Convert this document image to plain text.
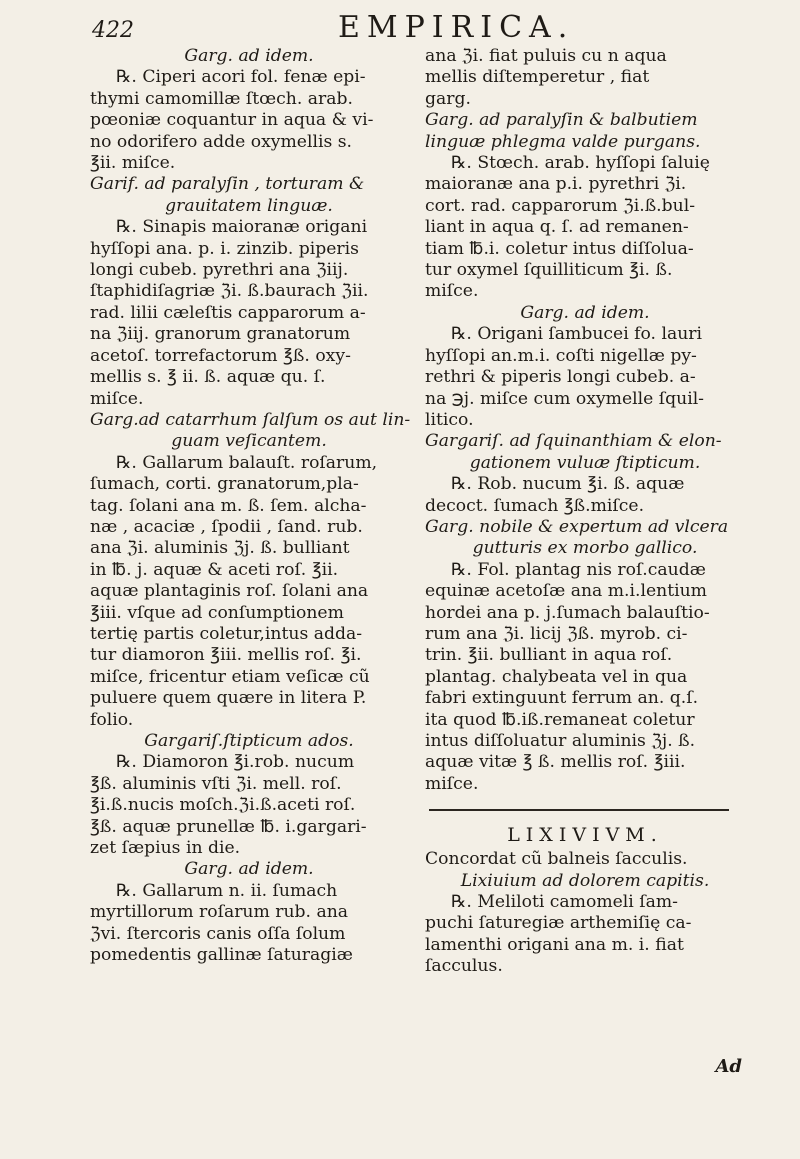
422	EMPIRICA.

Garg. ad idem.

℞. Ciperi acori fol. fenæ epi-

thymi camomillæ ſtœch. arab.

pœoniæ coquantur in aqua & vi-

no odorifero adde oxymellis s.

℥ii. miſce.

Garif. ad paralyſin , torturam &

grauitatem linguæ.

℞. Sinapis maioranæ origani

hyſſopi ana. p. i. zinzib. piperis

longi cubeb. pyrethri ana ℨiij.

ſtaphidiſagriæ ℨi. ß.baurach ℨii.

rad. lilii cæleſtis capparorum a-

na ℨiij. granorum granatorum

acetoſ. torrefactorum ℥ß. oxy-

mellis s. ℥ ii. ß. aquæ qu. ſ.

miſce.

Garg.ad catarrhum ſalſum os aut lin-

guam veſicantem.

℞. Gallarum balauſt. roſarum,

ſumach, corti. granatorum,pla-

tag. ſolani ana m. ß. ſem. alcha-

næ , acaciæ , ſpodii , ſand. rub.

ana ℨi. aluminis ℨj. ß. bulliant

in ℔. j. aquæ & aceti roſ. ℥ii.

aquæ plantaginis roſ. ſolani ana

℥iii. vſque ad conſumptionem

tertię partis coletur,intus adda-

tur diamoron ℥iii. mellis roſ. ℥i.

miſce, fricentur etiam veſicæ cũ

puluere quem quære in litera P.

folio.

Gargariſ.ſtipticum ados.

℞. Diamoron ℥i.rob. nucum

℥ß. aluminis vſti ℨi. mell. roſ.

℥i.ß.nucis moſch.ℨi.ß.aceti roſ.

℥ß. aquæ prunellæ ℔. i.gargari-

zet ſæpius in die.

Garg. ad idem.

℞. Gallarum n. ii. ſumach

myrtillorum roſarum rub. ana

ℨvi. ſtercoris canis oſſa ſolum

pomedentis gallinæ ſaturagiæ

ana ℨi. fiat puluis cu n aqua

mellis diſtemperetur , fiat

garg.

Garg. ad paralyſin & balbutiem

linguæ phlegma valde purgans.

℞. Stœch. arab. hyſſopi ſaluię

maioranæ ana p.i. pyrethri ℨi.

cort. rad. capparorum ℨi.ß.bul-

liant in aqua q. ſ. ad remanen-

tiam ℔.i. coletur intus diſſolua-

tur oxymel ſquilliticum ℥i. ß.

miſce.

Garg. ad idem.

℞. Origani ſambucei fo. lauri

hyſſopi an.m.i. coſti nigellæ py-

rethri & piperis longi cubeb. a-

na ℈j. miſce cum oxymelle ſquil-

litico.

Gargariſ. ad ſquinanthiam & elon-

gationem vuluæ ſtipticum.

℞. Rob. nucum ℥i. ß. aquæ

decoct. ſumach ℥ß.miſce.

Garg. nobile & expertum ad vlcera

gutturis ex morbo gallico.

℞. Fol. plantag nis roſ.caudæ

equinæ acetoſæ ana m.i.lentium

hordei ana p. j.ſumach balauſtio-

rum ana ℨi. licij ℨß. myrob. ci-

trin. ℥ii. bulliant in aqua roſ.

plantag. chalybeata vel in qua

fabri extinguunt ferrum an. q.ſ.

ita quod ℔.iß.remaneat coletur

intus diſſoluatur aluminis ℨj. ß.

aquæ vitæ ℥ ß. mellis roſ. ℥iii.

miſce.

LIXIVIVM.

Concordat cũ balneis ſacculis.

Lixiuium ad dolorem capitis.

℞. Meliloti camomeli ſam-

puchi ſaturegiæ arthemiſię ca-

lamenthi origani ana m. i. fiat

ſacculus.

Ad
